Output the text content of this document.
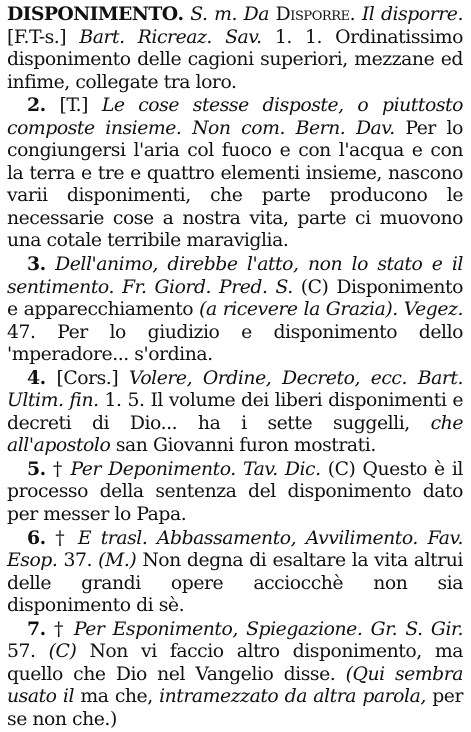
DISPONIMENTO. S. m. Da Disporre. Il disporre. [F.T-s.] Bart. Ricreaz. Sav. 1. 1. Ordinatissimo disponimento delle cagioni superiori, mezzane ed infime, collegate tra loro.

2. [T.] Le cose stesse disposte, o piuttosto composte insieme. Non com. Bern. Dav. Per lo congiungersi l'aria col fuoco e con l'acqua e con la terra e tre e quattro elementi insieme, nascono varii disponimenti, che parte producono le necessarie cose a nostra vita, parte ci muovono una cotale terribile maraviglia.

3. Dell'animo, direbbe l'atto, non lo stato e il sentimento. Fr. Giord. Pred. S. (C) Disponimento e apparecchiamento (a ricevere la Grazia). Vegez. 47. Per lo giudizio e disponimento dello 'mperadore... s'ordina.

4. [Cors.] Volere, Ordine, Decreto, ecc. Bart. Ultim. fin. 1. 5. Il volume dei liberi disponimenti e decreti di Dio... ha i sette suggelli, che all'apostolo san Giovanni furon mostrati.

5. † Per Deponimento. Tav. Dic. (C) Questo è il processo della sentenza del disponimento dato per messer lo Papa.

6. † E trasl. Abbassamento, Avvilimento. Fav. Esop. 37. (M.) Non degna di esaltare la vita altrui delle grandi opere acciocchè non sia disponimento di sè.

7. † Per Esponimento, Spiegazione. Gr. S. Gir. 57. (C) Non vi faccio altro disponimento, ma quello che Dio nel Vangelio disse. (Qui sembra usato il ma che, intramezzato da altra parola, per se non che.)
